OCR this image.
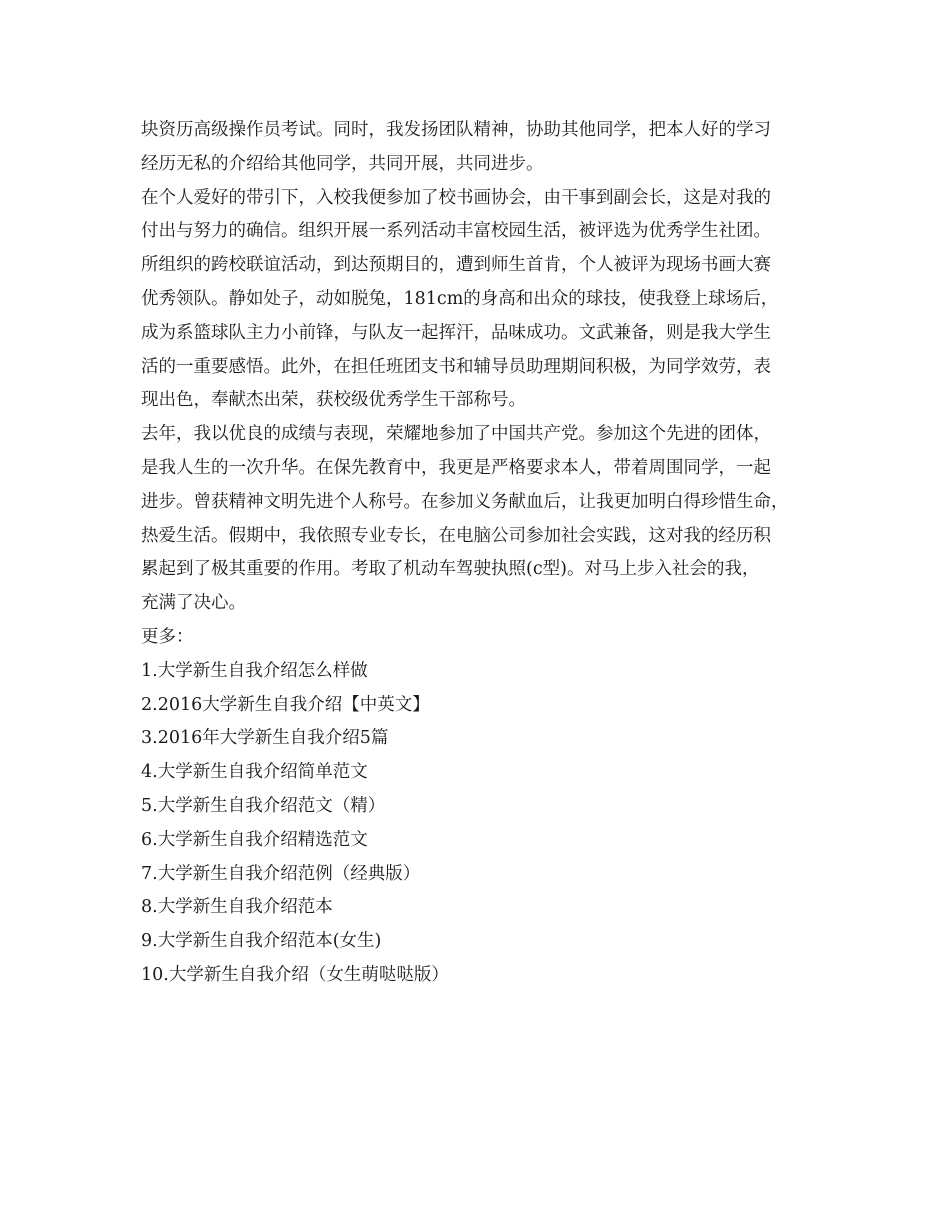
块资历高级操作员考试。同时，我发扬团队精神，协助其他同学，把本人好的学习
经历无私的介绍给其他同学，共同开展，共同进步。

在个人爱好的带引下，入校我便参加了校书画协会，由干事到副会长，这是对我的
付出与努力的确信。组织开展一系列活动丰富校园生活，被评选为优秀学生社团。
所组织的跨校联谊活动，到达预期目的，遭到师生首肯，个人被评为现场书画大赛
优秀领队。静如处子，动如脱兔，181cm的身高和出众的球技，使我登上球场后，
成为系篮球队主力小前锋，与队友一起挥汗，品味成功。文武兼备，则是我大学生
活的一重要感悟。此外，在担任班团支书和辅导员助理期间积极，为同学效劳，表
现出色，奉献杰出荣，获校级优秀学生干部称号。

去年，我以优良的成绩与表现，荣耀地参加了中国共产党。参加这个先进的团体，
是我人生的一次升华。在保先教育中，我更是严格要求本人，带着周围同学，一起
进步。曾获精神文明先进个人称号。在参加义务献血后，让我更加明白得珍惜生命，
热爱生活。假期中，我依照专业专长，在电脑公司参加社会实践，这对我的经历积
累起到了极其重要的作用。考取了机动车驾驶执照(c型)。对马上步入社会的我，
充满了决心。

更多：

1.大学新生自我介绍怎么样做
2.2016大学新生自我介绍【中英文】
3.2016年大学新生自我介绍5篇
4.大学新生自我介绍简单范文
5.大学新生自我介绍范文（精）
6.大学新生自我介绍精选范文
7.大学新生自我介绍范例（经典版）
8.大学新生自我介绍范本
9.大学新生自我介绍范本(女生)
10.大学新生自我介绍（女生萌哒哒版）
